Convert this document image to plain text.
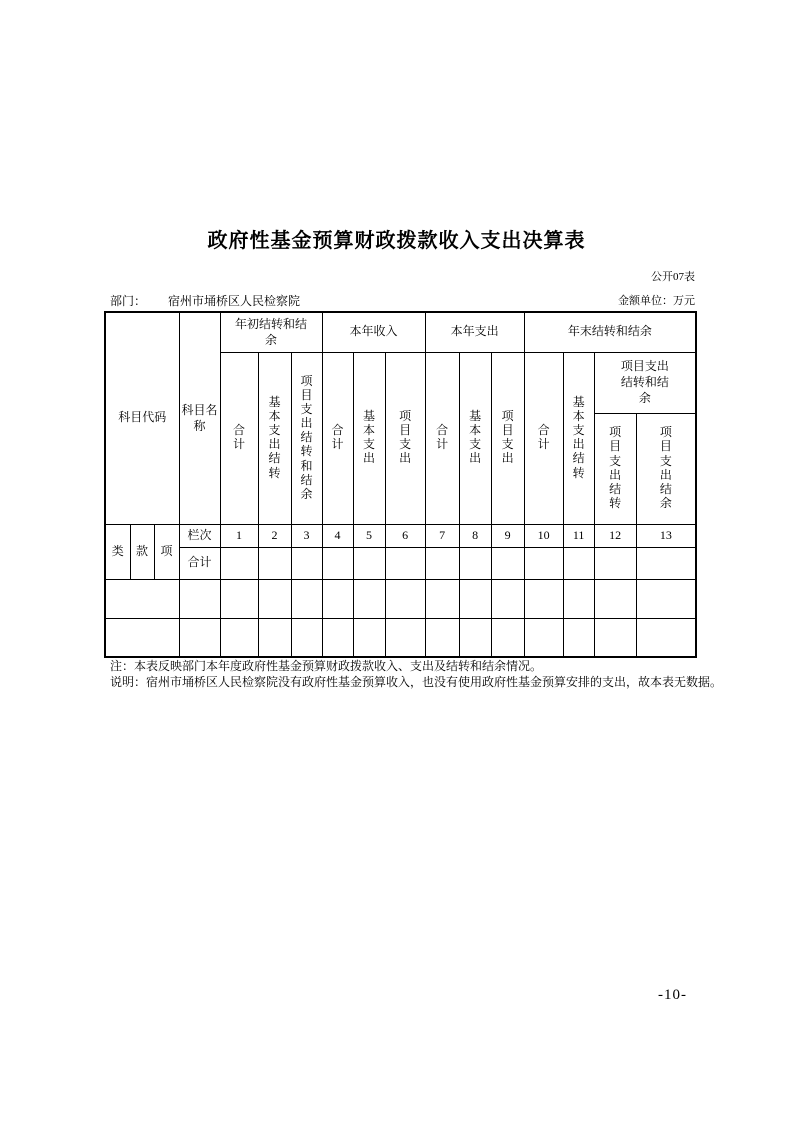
政府性基金预算财政拨款收入支出决算表
公开07表
部门： 宿州市埇桥区人民检察院	金额单位：万元
科目代码			科目名称	年初结转和结余			本年收入			本年支出			年末结转和结余			
				合计	基本支出结转	项目支出结转和结余	合计	基本支出	项目支出	合计	基本支出	项目支出	合计	基本支出结转	项目支出结转和结余	
															项目支出结转	项目支出结余
类	款	项	栏次	1	2	3	4	5	6	7	8	9	10	11	12	13
			合计													

注：本表反映部门本年度政府性基金预算财政拨款收入、支出及结转和结余情况。
说明：宿州市埇桥区人民检察院没有政府性基金预算收入，也没有使用政府性基金预算安排的支出，故本表无数据。
-10-
